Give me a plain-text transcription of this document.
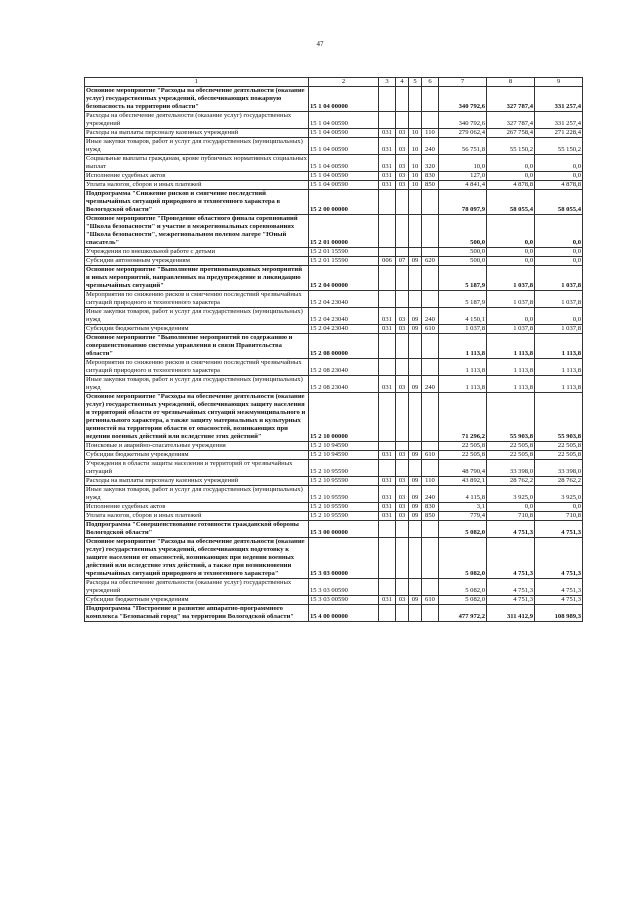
47
1	2	3	4	5	6	7	8	9
Основное мероприятие "Расходы на обеспечение деятельности (оказание услуг) государственных учреждений, обеспечивающих пожарную безопасность на территории области"	15 1 04 00000					340 792,6	327 787,4	331 257,4
Расходы на обеспечение деятельности (оказание услуг) государственных учреждений	15 1 04 00590					340 792,6	327 787,4	331 257,4
Расходы на выплаты персоналу казенных учреждений	15 1 04 00590	031	03	10	110	279 062,4	267 758,4	271 228,4
Иные закупки товаров, работ и услуг для государственных (муниципальных) нужд	15 1 04 00590	031	03	10	240	56 751,8	55 150,2	55 150,2
Социальные выплаты гражданам, кроме публичных нормативных социальных выплат	15 1 04 00590	031	03	10	320	10,0	0,0	0,0
Исполнение судебных актов	15 1 04 00590	031	03	10	830	127,0	0,0	0,0
Уплата налогов, сборов и иных платежей	15 1 04 00590	031	03	10	850	4 841,4	4 878,8	4 878,8
Подпрограмма "Снижение рисков и смягчение последствий чрезвычайных ситуаций природного и техногенного характера в Вологодской области"	15 2 00 00000					78 097,9	58 055,4	58 055,4
Основное мероприятие "Проведение областного финала соревнований "Школа безопасности" и участие в межрегиональных соревнованиях "Школа безопасности", межрегиональном полевом лагере "Юный спасатель"	15 2 01 00000					500,0	0,0	0,0
Учреждения по внешкольной работе с детьми	15 2 01 15590					500,0	0,0	0,0
Субсидии автономным учреждениям	15 2 01 15590	006	07	09	620	500,0	0,0	0,0
Основное мероприятие "Выполнение противопаводковых мероприятий и иных мероприятий, направленных на предупреждение и ликвидацию чрезвычайных ситуаций"	15 2 04 00000					5 187,9	1 037,8	1 037,8
Мероприятия по снижению рисков и смягчению последствий чрезвычайных ситуаций природного и техногенного характера	15 2 04 23040					5 187,9	1 037,8	1 037,8
Иные закупки товаров, работ и услуг для государственных (муниципальных) нужд	15 2 04 23040	031	03	09	240	4 150,1	0,0	0,0
Субсидии бюджетным учреждениям	15 2 04 23040	031	03	09	610	1 037,8	1 037,8	1 037,8
Основное мероприятие "Выполнение мероприятий по содержанию и совершенствованию системы управления и связи Правительства области"	15 2 08 00000					1 113,8	1 113,8	1 113,8
Мероприятия по снижению рисков и смягчению последствий чрезвычайных ситуаций природного и техногенного характера	15 2 08 23040					1 113,8	1 113,8	1 113,8
Иные закупки товаров, работ и услуг для государственных (муниципальных) нужд	15 2 08 23040	031	03	09	240	1 113,8	1 113,8	1 113,8
Основное мероприятие "Расходы на обеспечение деятельности (оказание услуг) государственных учреждений, обеспечивающих защиту населения и территорий области от чрезвычайных ситуаций межмуниципального и регионального характера, а также защиту материальных и культурных ценностей на территории области от опасностей, возникающих при ведении военных действий или вследствие этих действий"	15 2 10 00000					71 296,2	55 903,8	55 903,8
Поисковые и аварийно-спасательные учреждения	15 2 10 94590					22 505,8	22 505,8	22 505,8
Субсидии бюджетным учреждениям	15 2 10 94590	031	03	09	610	22 505,8	22 505,8	22 505,8
Учреждения в области защиты населения и территорий от чрезвычайных ситуаций	15 2 10 95590					48 790,4	33 398,0	33 398,0
Расходы на выплаты персоналу казенных учреждений	15 2 10 95590	031	03	09	110	43 892,1	28 762,2	28 762,2
Иные закупки товаров, работ и услуг для государственных (муниципальных) нужд	15 2 10 95590	031	03	09	240	4 115,8	3 925,0	3 925,0
Исполнение судебных актов	15 2 10 95590	031	03	09	830	3,1	0,0	0,0
Уплата налогов, сборов и иных платежей	15 2 10 95590	031	03	09	850	779,4	710,8	710,8
Подпрограмма "Совершенствование готовности гражданской обороны Вологодской области"	15 3 00 00000					5 082,0	4 751,3	4 751,3
Основное мероприятие "Расходы на обеспечение деятельности (оказание услуг) государственных учреждений, обеспечивающих подготовку к защите населения от опасностей, возникающих при ведении военных действий или вследствие этих действий, а также при возникновении чрезвычайных ситуаций природного и техногенного характера"	15 3 03 00000					5 082,0	4 751,3	4 751,3
Расходы на обеспечение деятельности (оказание услуг) государственных учреждений	15 3 03 00590					5 082,0	4 751,3	4 751,3
Субсидии бюджетным учреждениям	15 3 03 00590	031	03	09	610	5 082,0	4 751,3	4 751,3
Подпрограмма "Построение и развитие аппаратно-программного комплекса "Безопасный город" на территории Вологодской области"	15 4 00 00000					477 972,2	311 412,9	108 989,3
